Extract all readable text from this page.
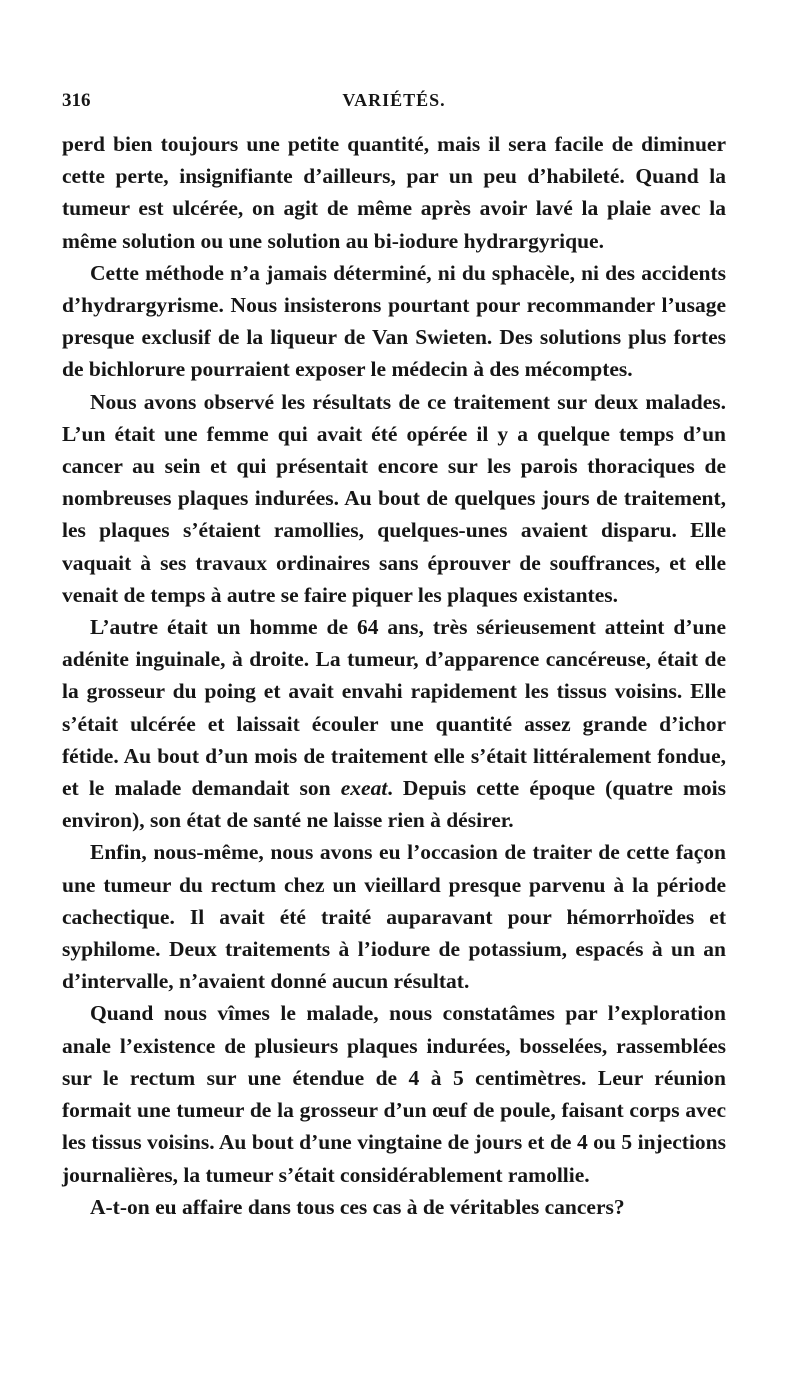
316	VARIÉTÉS.

perd bien toujours une petite quantité, mais il sera facile de diminuer cette perte, insignifiante d’ailleurs, par un peu d’habileté. Quand la tumeur est ulcérée, on agit de même après avoir lavé la plaie avec la même solution ou une solution au bi-iodure hydrargyrique.

Cette méthode n’a jamais déterminé, ni du sphacèle, ni des accidents d’hydrargyrisme. Nous insisterons pourtant pour recommander l’usage presque exclusif de la liqueur de Van Swieten. Des solutions plus fortes de bichlorure pourraient exposer le médecin à des mécomptes.

Nous avons observé les résultats de ce traitement sur deux malades. L’un était une femme qui avait été opérée il y a quelque temps d’un cancer au sein et qui présentait encore sur les parois thoraciques de nombreuses plaques indurées. Au bout de quelques jours de traitement, les plaques s’étaient ramollies, quelques-unes avaient disparu. Elle vaquait à ses travaux ordinaires sans éprouver de souffrances, et elle venait de temps à autre se faire piquer les plaques existantes.

L’autre était un homme de 64 ans, très sérieusement atteint d’une adénite inguinale, à droite. La tumeur, d’apparence cancéreuse, était de la grosseur du poing et avait envahi rapidement les tissus voisins. Elle s’était ulcérée et laissait écouler une quantité assez grande d’ichor fétide. Au bout d’un mois de traitement elle s’était littéralement fondue, et le malade demandait son exeat. Depuis cette époque (quatre mois environ), son état de santé ne laisse rien à désirer.

Enfin, nous-même, nous avons eu l’occasion de traiter de cette façon une tumeur du rectum chez un vieillard presque parvenu à la période cachectique. Il avait été traité auparavant pour hémorrhoïdes et syphilome. Deux traitements à l’iodure de potassium, espacés à un an d’intervalle, n’avaient donné aucun résultat.

Quand nous vîmes le malade, nous constatâmes par l’exploration anale l’existence de plusieurs plaques indurées, bosselées, rassemblées sur le rectum sur une étendue de 4 à 5 centimètres. Leur réunion formait une tumeur de la grosseur d’un œuf de poule, faisant corps avec les tissus voisins. Au bout d’une vingtaine de jours et de 4 ou 5 injections journalières, la tumeur s’était considérablement ramollie.

A-t-on eu affaire dans tous ces cas à de véritables cancers?
